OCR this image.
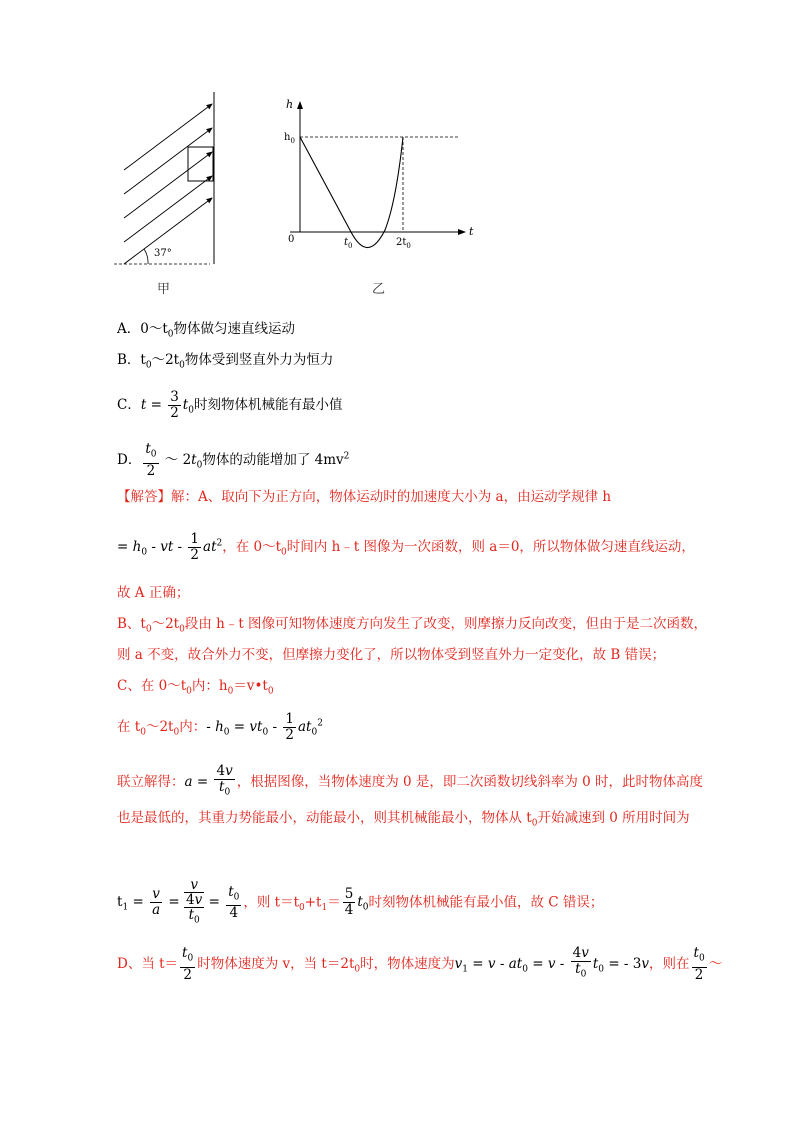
37°
甲
h
t
$h_0$
0	$t_0$	$2t_0$
乙
A．$0\sim t_0$物体做匀速直线运动
B．$t_0\sim 2t_0$物体受到竖直外力为恒力
C．$t = \frac{3}{2} t_0$时刻物体机械能有最小值
D． $\frac{t_0}{2}$ ～ $2t_0$物体的动能增加了 $4mv^2$
【解答】解：A、取向下为正方向，物体运动时的加速度大小为 a，由运动学规律 h
= $h_0$ - vt - $\frac{1}{2} at^2$，在 $0\sim t_0$时间内 h﹣t 图像为一次函数，则 a＝0，所以物体做匀速直线运动，
故 A 正确；
B、$t_0\sim 2t_0$段由 h﹣t 图像可知物体速度方向发生了改变，则摩擦力反向改变，但由于是二次函数，
则 a 不变，故合外力不变，但摩擦力变化了，所以物体受到竖直外力一定变化，故 B 错误；
C、在 $0\sim t_0$内：$h_0=v•t_0$
在 $t_0\sim 2t_0$内：- $h_0 = vt_0 - \frac{1}{2} at_0^2$
联立解得：$a = \frac{4v}{t_0}$ ，根据图像，当物体速度为 0 是，即二次函数切线斜率为 0 时，此时物体高度
也是最低的，其重力势能最小，动能最小，则其机械能最小，物体从 $t_0$开始减速到 0 所用时间为
$t_1 = \frac{v}{a}$ =
v
4v
$t_0 = \frac{t_0}{4}$ ，则 $t=t_0+t_1= \frac{5}{4} t_0$时刻物体机械能有最小值，故 C 错误；
D、当 $t= \frac{t_0}{2}$ 时物体速度为 v，当 $t=2t_0$时，物体速度为$v_1 = v - at_0 = v - \frac{4v}{t_0} t_0$ = - 3v，则在 $\frac{t_0}{2}$ ～
